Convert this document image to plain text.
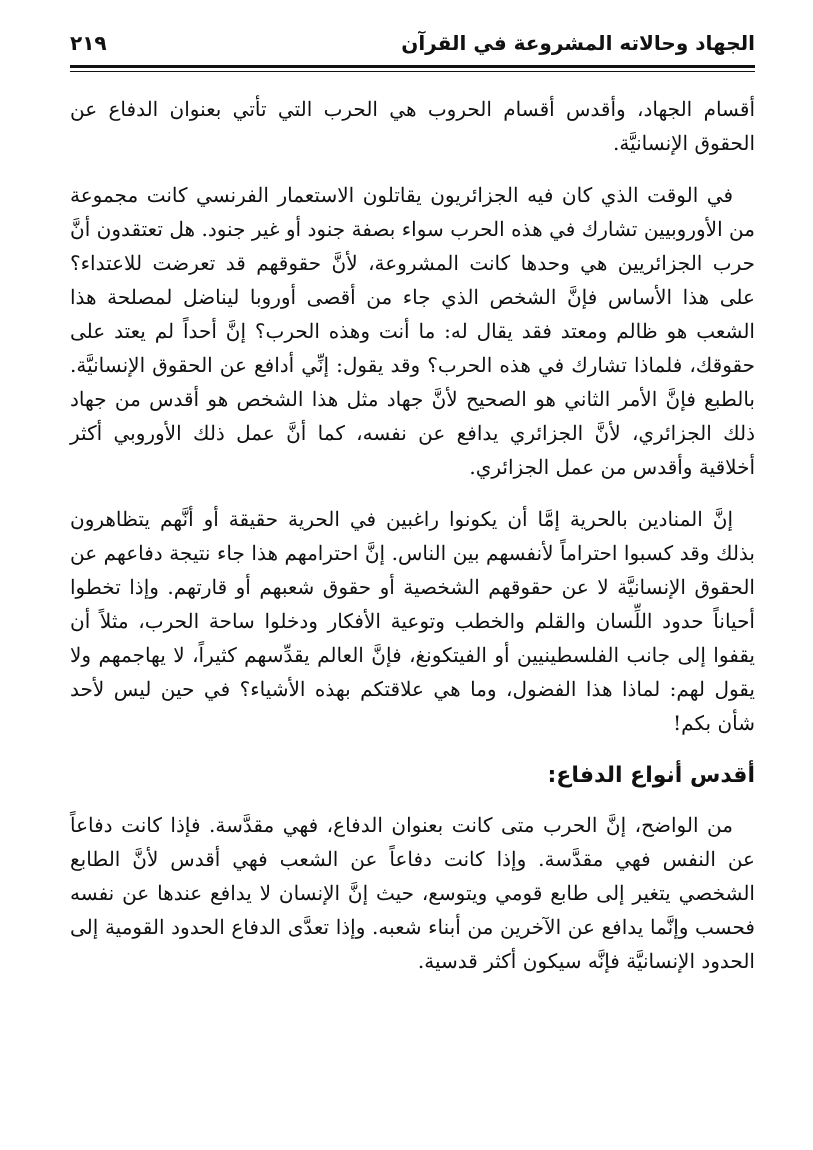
الجهاد وحالاته المشروعة في القرآن
٢١٩

أقسام الجهاد، وأقدس أقسام الحروب هي الحرب التي تأتي بعنوان الدفاع عن الحقوق الإنسانيَّة.

في الوقت الذي كان فيه الجزائريون يقاتلون الاستعمار الفرنسي كانت مجموعة من الأوروبيين تشارك في هذه الحرب سواء بصفة جنود أو غير جنود. هل تعتقدون أنَّ حرب الجزائريين هي وحدها كانت المشروعة، لأنَّ حقوقهم قد تعرضت للاعتداء؟ على هذا الأساس فإنَّ الشخص الذي جاء من أقصى أوروبا ليناضل لمصلحة هذا الشعب هو ظالم ومعتد فقد يقال له: ما أنت وهذه الحرب؟ إنَّ أحداً لم يعتد على حقوقك، فلماذا تشارك في هذه الحرب؟ وقد يقول: إنِّي أدافع عن الحقوق الإنسانيَّة. بالطبع فإنَّ الأمر الثاني هو الصحيح لأنَّ جهاد مثل هذا الشخص هو أقدس من جهاد ذلك الجزائري، لأنَّ الجزائري يدافع عن نفسه، كما أنَّ عمل ذلك الأوروبي أكثر أخلاقية وأقدس من عمل الجزائري.

إنَّ المنادين بالحرية إمَّا أن يكونوا راغبين في الحرية حقيقة أو أنَّهم يتظاهرون بذلك وقد كسبوا احتراماً لأنفسهم بين الناس. إنَّ احترامهم هذا جاء نتيجة دفاعهم عن الحقوق الإنسانيَّة لا عن حقوقهم الشخصية أو حقوق شعبهم أو قارتهم. وإذا تخطوا أحياناً حدود اللِّسان والقلم والخطب وتوعية الأفكار ودخلوا ساحة الحرب، مثلاً أن يقفوا إلى جانب الفلسطينيين أو الفيتكونغ، فإنَّ العالم يقدِّسهم كثيراً، لا يهاجمهم ولا يقول لهم: لماذا هذا الفضول، وما هي علاقتكم بهذه الأشياء؟ في حين ليس لأحد شأن بكم!

أقدس أنواع الدفاع:

من الواضح، إنَّ الحرب متى كانت بعنوان الدفاع، فهي مقدَّسة. فإذا كانت دفاعاً عن النفس فهي مقدَّسة. وإذا كانت دفاعاً عن الشعب فهي أقدس لأنَّ الطابع الشخصي يتغير إلى طابع قومي ويتوسع، حيث إنَّ الإنسان لا يدافع عندها عن نفسه فحسب وإنَّما يدافع عن الآخرين من أبناء شعبه. وإذا تعدَّى الدفاع الحدود القومية إلى الحدود الإنسانيَّة فإنَّه سيكون أكثر قدسية.
